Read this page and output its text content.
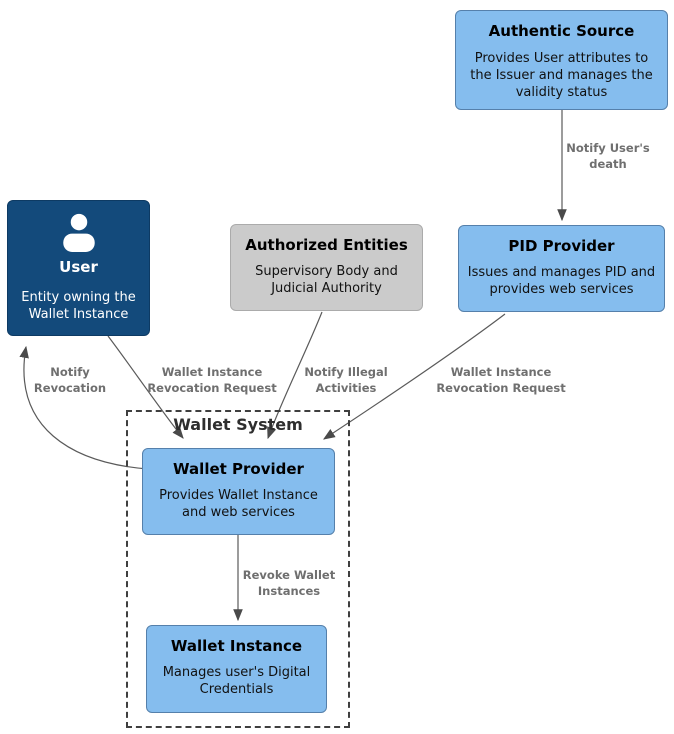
Wallet System
Authentic Source
Provides User attributes to the Issuer and manages the validity status
User
Entity owning the Wallet Instance
Authorized Entities
Supervisory Body and Judicial Authority
PID Provider
Issues and manages PID and provides web services
Wallet Provider
Provides Wallet Instance and web services
Wallet Instance
Manages user's Digital Credentials
Notify User's death
Wallet Instance Revocation Request
Notify Illegal Activities
Wallet Instance Revocation Request
Notify Revocation
Revoke Wallet Instances
